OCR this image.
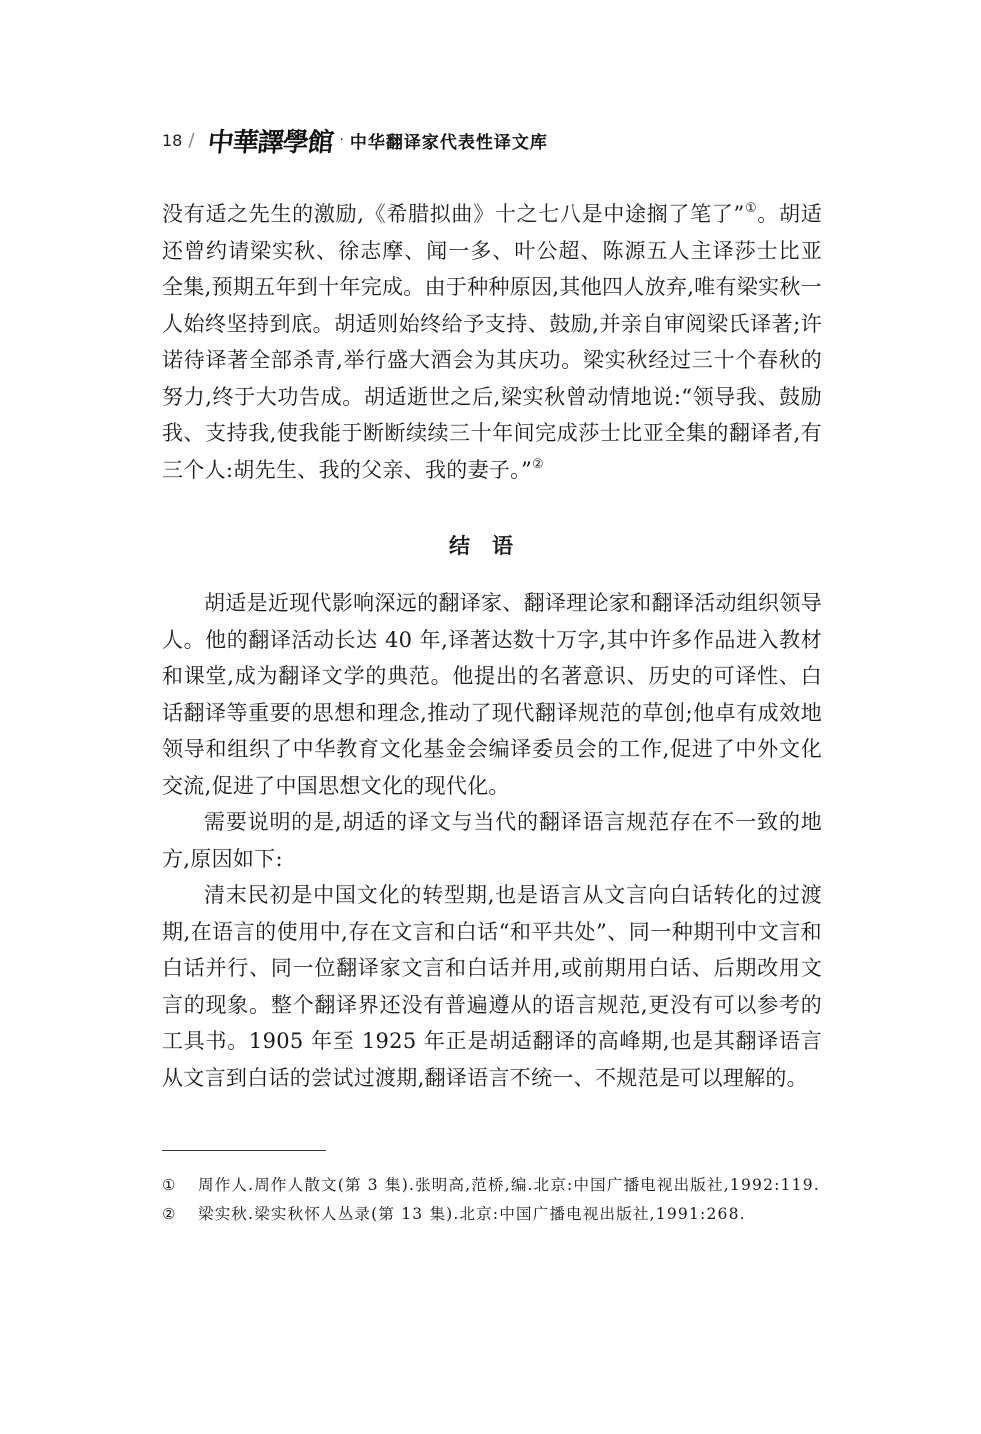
18 / 中華譯學館 · 中华翻译家代表性译文库

没有适之先生的激励,《希腊拟曲》十之七八是中途搁了笔了”①。胡适还曾约请梁实秋、徐志摩、闻一多、叶公超、陈源五人主译莎士比亚全集,预期五年到十年完成。由于种种原因,其他四人放弃,唯有梁实秋一人始终坚持到底。胡适则始终给予支持、鼓励,并亲自审阅梁氏译著;许诺待译著全部杀青,举行盛大酒会为其庆功。梁实秋经过三十个春秋的努力,终于大功告成。胡适逝世之后,梁实秋曾动情地说:“领导我、鼓励我、支持我,使我能于断断续续三十年间完成莎士比亚全集的翻译者,有三个人:胡先生、我的父亲、我的妻子。”②

结语

胡适是近现代影响深远的翻译家、翻译理论家和翻译活动组织领导人。他的翻译活动长达 40 年,译著达数十万字,其中许多作品进入教材和课堂,成为翻译文学的典范。他提出的名著意识、历史的可译性、白话翻译等重要的思想和理念,推动了现代翻译规范的草创;他卓有成效地领导和组织了中华教育文化基金会编译委员会的工作,促进了中外文化交流,促进了中国思想文化的现代化。

需要说明的是,胡适的译文与当代的翻译语言规范存在不一致的地方,原因如下:

清末民初是中国文化的转型期,也是语言从文言向白话转化的过渡期,在语言的使用中,存在文言和白话“和平共处”、同一种期刊中文言和白话并行、同一位翻译家文言和白话并用,或前期用白话、后期改用文言的现象。整个翻译界还没有普遍遵从的语言规范,更没有可以参考的工具书。1905 年至 1925 年正是胡适翻译的高峰期,也是其翻译语言从文言到白话的尝试过渡期,翻译语言不统一、不规范是可以理解的。

①	周作人.周作人散文(第 3 集).张明高,范桥,编.北京:中国广播电视出版社,1992:119.
②	梁实秋.梁实秋怀人丛录(第 13 集).北京:中国广播电视出版社,1991:268.
